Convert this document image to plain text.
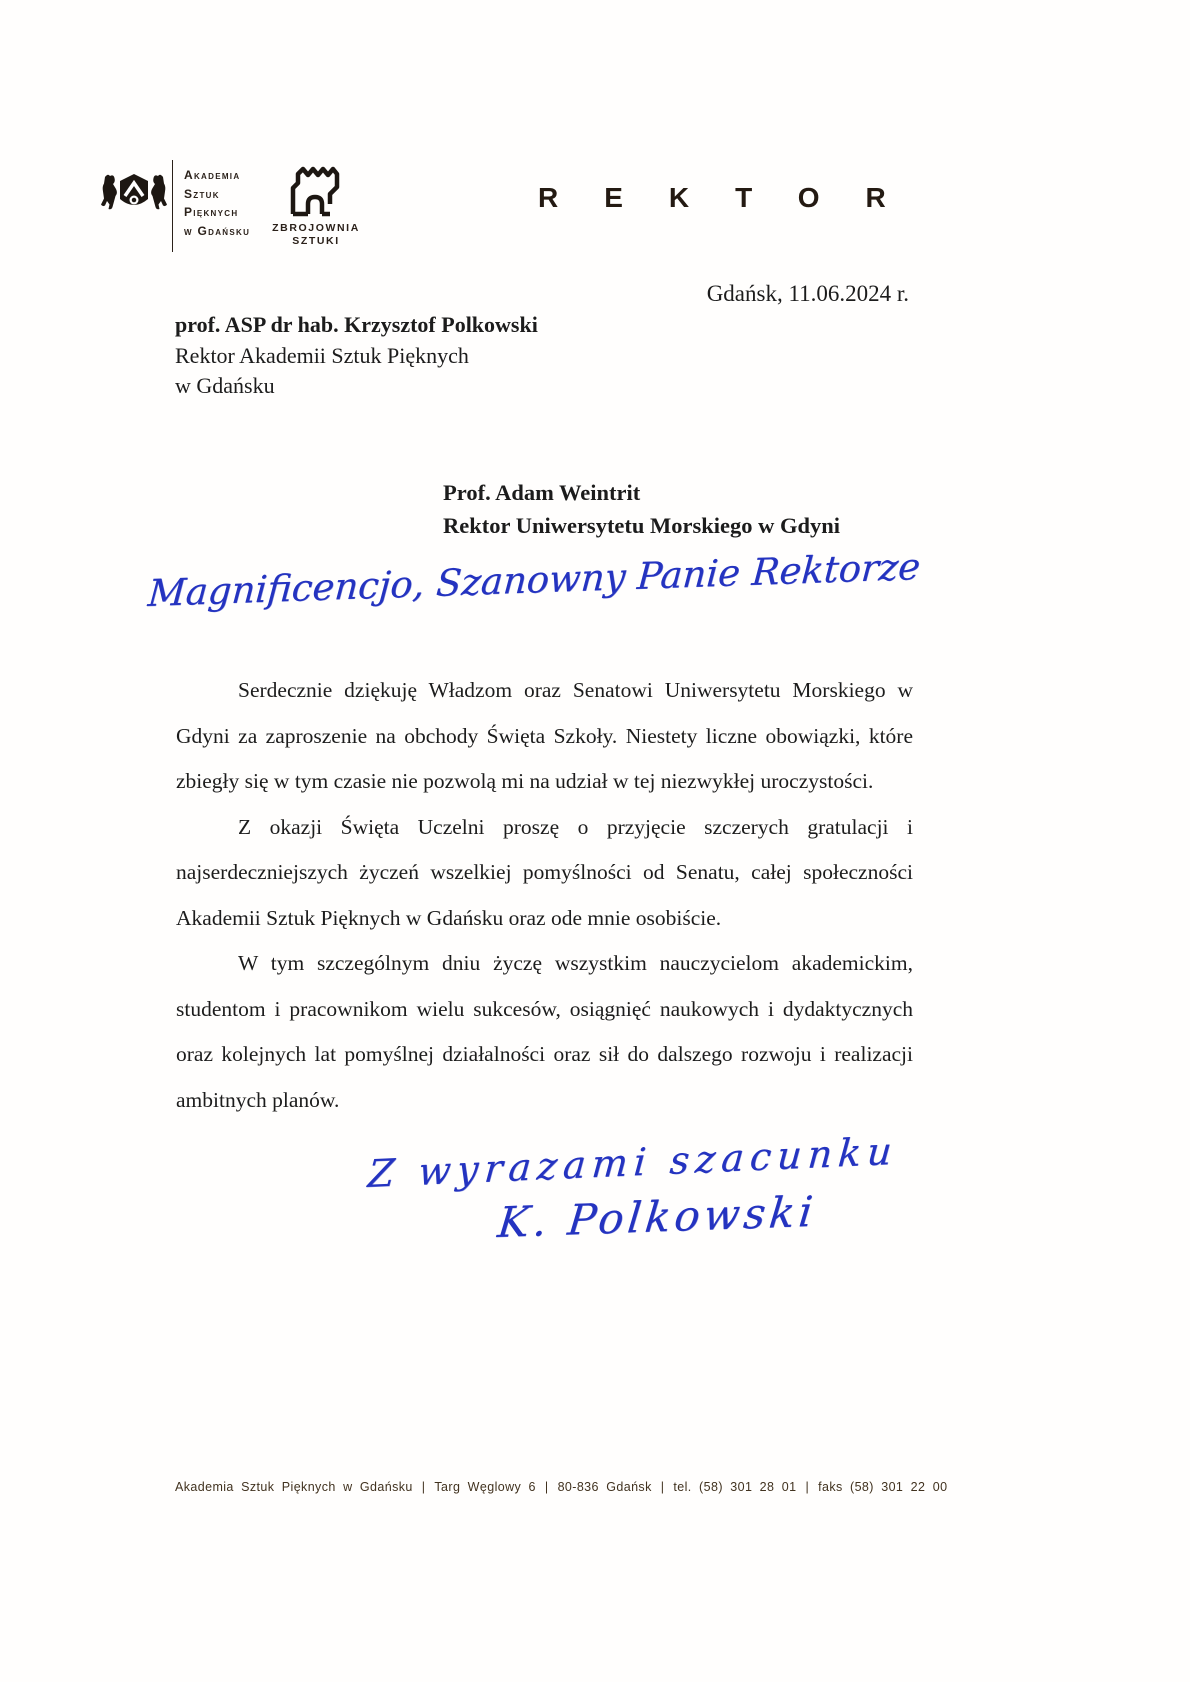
Akademia
Sztuk
Pięknych
w Gdańsku	ZBROJOWNIA
SZTUKI
REKTOR
Gdańsk, 11.06.2024 r.
prof. ASP dr hab. Krzysztof Polkowski
Rektor Akademii Sztuk Pięknych
w Gdańsku
Prof. Adam Weintrit
Rektor Uniwersytetu Morskiego w Gdyni
Magnificencjo, Szanowny Panie Rektorze

Serdecznie dziękuję Władzom oraz Senatowi Uniwersytetu Morskiego w Gdyni za zaproszenie na obchody Święta Szkoły. Niestety liczne obowiązki, które zbiegły się w tym czasie nie pozwolą mi na udział w tej niezwykłej uroczystości.

Z okazji Święta Uczelni proszę o przyjęcie szczerych gratulacji i najserdeczniejszych życzeń wszelkiej pomyślności od Senatu, całej społeczności Akademii Sztuk Pięknych w Gdańsku oraz ode mnie osobiście.

W tym szczególnym dniu życzę wszystkim nauczycielom akademickim, studentom i pracownikom wielu sukcesów, osiągnięć naukowych i dydaktycznych oraz kolejnych lat pomyślnej działalności oraz sił do dalszego rozwoju i realizacji ambitnych planów.

Z wyrazami szacunku
K. Polkowski
Akademia Sztuk Pięknych w Gdańsku | Targ Węglowy 6 | 80-836 Gdańsk | tel. (58) 301 28 01 | faks (58) 301 22 00
